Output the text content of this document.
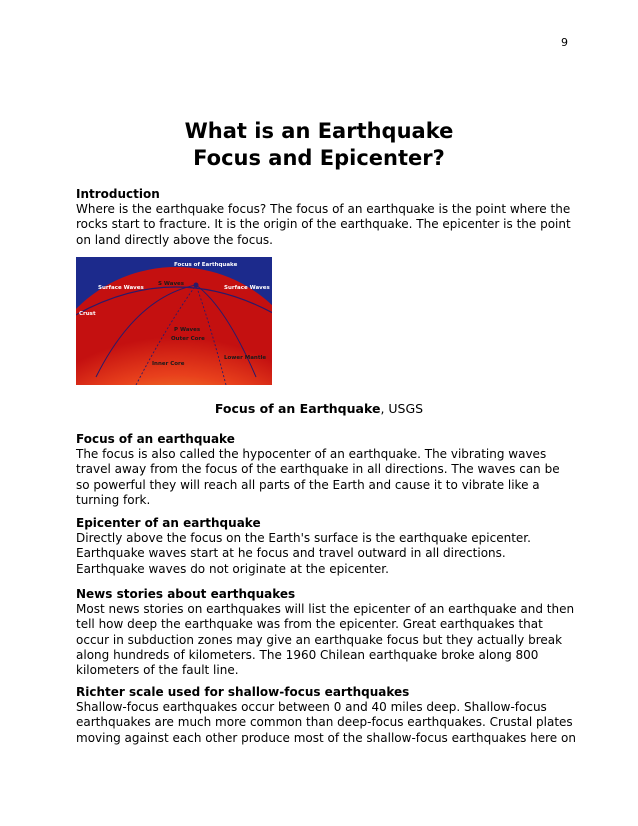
9
What is an Earthquake
Focus and Epicenter?
Introduction

Where is the earthquake focus? The focus of an earthquake is the point where the rocks start to fracture. It is the origin of the earthquake. The epicenter is the point on land directly above the focus.

Focus of Earthquake
Surface Waves	Surface Waves
Crust
S Waves
P Waves
Outer Core
Inner Core
Lower Mantle
Focus of an Earthquake, USGS
Focus of an earthquake

The focus is also called the hypocenter of an earthquake. The vibrating waves travel away from the focus of the earthquake in all directions. The waves can be so powerful they will reach all parts of the Earth and cause it to vibrate like a turning fork.

Epicenter of an earthquake

Directly above the focus on the Earth's surface is the earthquake epicenter. Earthquake waves start at he focus and travel outward in all directions. Earthquake waves do not originate at the epicenter.

News stories about earthquakes

Most news stories on earthquakes will list the epicenter of an earthquake and then tell how deep the earthquake was from the epicenter. Great earthquakes that occur in subduction zones may give an earthquake focus but they actually break along hundreds of kilometers. The 1960 Chilean earthquake broke along 800 kilometers of the fault line.

Richter scale used for shallow-focus earthquakes

Shallow-focus earthquakes occur between 0 and 40 miles deep. Shallow-focus earthquakes are much more common than deep-focus earthquakes. Crustal plates moving against each other produce most of the shallow-focus earthquakes here on
